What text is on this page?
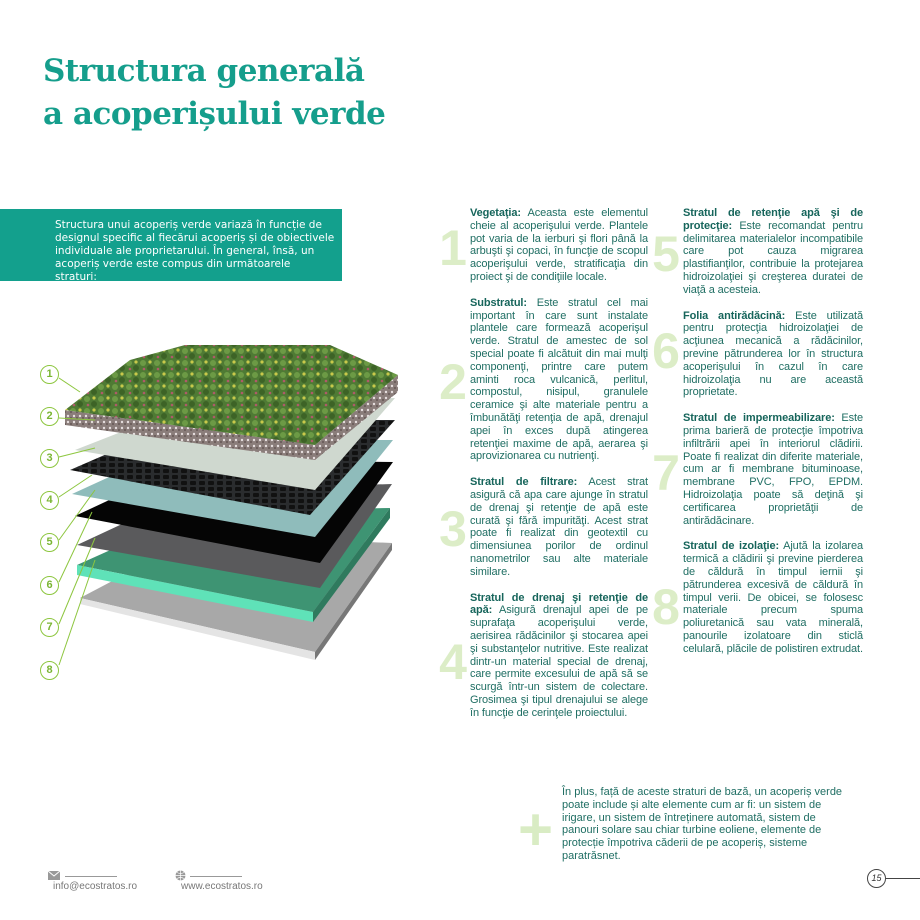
Structura generală
a acoperișului verde

Structura unui acoperiș verde variază în funcție de designul specific al fiecărui acoperiș și de obiectivele individuale ale proprietarului. În general, însă, un acoperiș verde este compus din următoarele straturi:

1
2
3
4
5
6
7
8
1
Vegetaţia: Aceasta este elementul cheie al acoperişului verde. Plantele pot varia de la ierburi şi flori până la arbuşti şi copaci, în funcţie de scopul acoperişului verde, stratificaţia din proiect şi de condiţiile locale.
2
Substratul: Este stratul cel mai important în care sunt instalate plantele care formează acoperişul verde. Stratul de amestec de sol special poate fi alcătuit din mai mulţi componenţi, printre care putem aminti roca vulcanică, perlitul, compostul, nisipul, granulele ceramice şi alte materiale pentru a îmbunătăţi retenţia de apă, drenajul apei în exces după atingerea retenţiei maxime de apă, aerarea şi aprovizionarea cu nutrienţi.
3
Stratul de filtrare: Acest strat asigură că apa care ajunge în stratul de drenaj şi retenţie de apă este curată şi fără impurităţi. Acest strat poate fi realizat din geotextil cu dimensiunea porilor de ordinul nanometrilor sau alte materiale similare.
4
Stratul de drenaj şi retenţie de apă: Asigură drenajul apei de pe suprafaţa acoperişului verde, aerisirea rădăcinilor şi stocarea apei şi substanţelor nutritive. Este realizat dintr-un material special de drenaj, care permite excesului de apă să se scurgă într-un sistem de colectare. Grosimea şi tipul drenajului se alege în funcţie de cerinţele proiectului.
5
Stratul de retenţie apă şi de protecţie: Este recomandat pentru delimitarea materialelor incompatibile care pot cauza migrarea plastifianţilor, contribuie la protejarea hidroizolaţiei şi creşterea duratei de viaţă a acesteia.
6
Folia antirădăcină: Este utilizată pentru protecţia hidroizolaţiei de acţiunea mecanică a rădăcinilor, previne pătrunderea lor în structura acoperişului în cazul în care hidroizolaţia nu are această proprietate.
7
Stratul de impermeabilizare: Este prima barieră de protecţie împotriva infiltrării apei în interiorul clădirii. Poate fi realizat din diferite materiale, cum ar fi membrane bituminoase, membrane PVC, FPO, EPDM. Hidroizolaţia poate să deţină şi certificarea proprietăţii de antirădăcinare.
8
Stratul de izolaţie: Ajută la izolarea termică a clădirii şi previne pierderea de căldură în timpul iernii şi pătrunderea excesivă de căldură în timpul verii. De obicei, se folosesc materiale precum spuma poliuretanică sau vata minerală, panourile izolatoare din sticlă celulară, plăcile de polistiren extrudat.
+
În plus, față de aceste straturi de bază, un acoperiș verde poate include și alte elemente cum ar fi: un sistem de irigare, un sistem de întreținere automată, sistem de panouri solare sau chiar turbine eoliene, elemente de protecție împotriva căderii de pe acoperiș, sisteme paratrăsnet.
info@ecostratos.ro	www.ecostratos.ro
15
